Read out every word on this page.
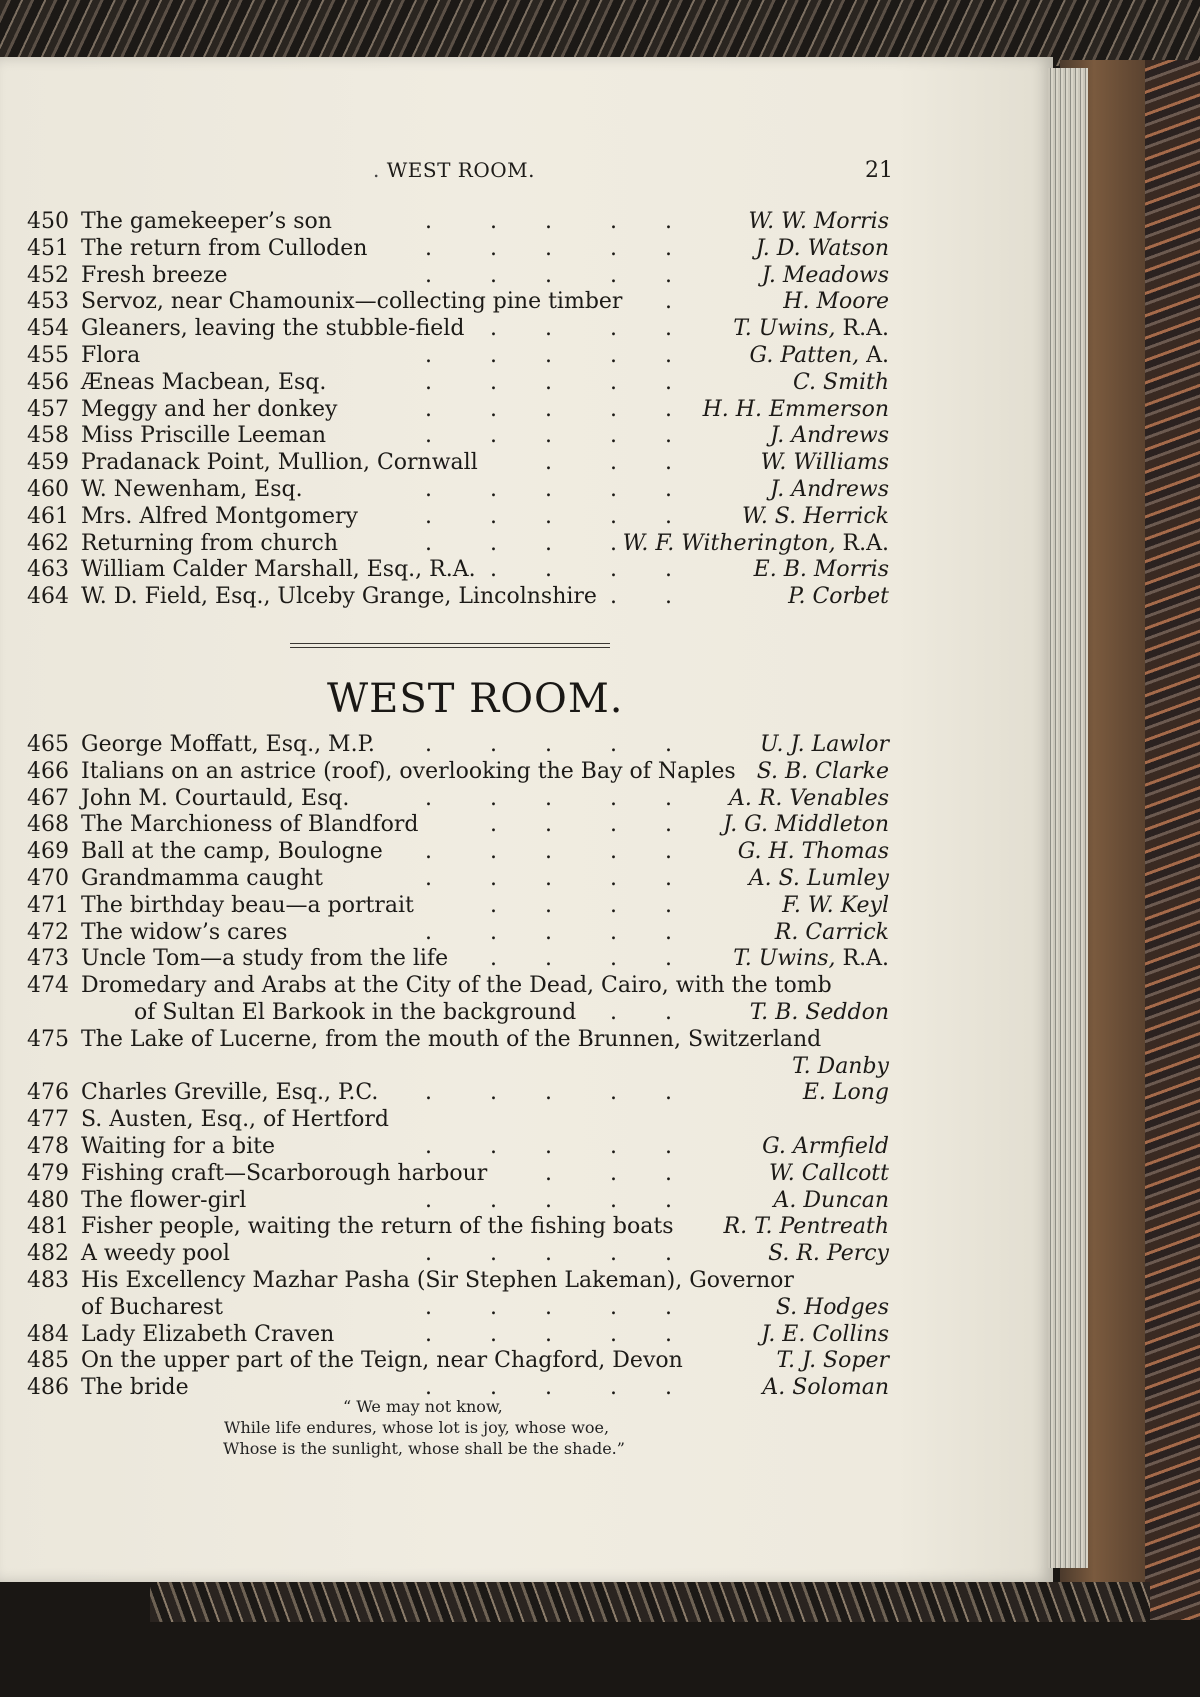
. WEST ROOM.	21
450 The gamekeeper’s son	W. W. Morris
.	. .	. .
451 The return from Culloden	J. D. Watson
.	. .	. .
452 Fresh breeze	J. Meadows
.	. .	. .
453 Servoz, near Chamounix—collecting pine timber	H. Moore
.
454 Gleaners, leaving the stubble-field	T. Uwins, R.A.
. .	. .
455 Flora	G. Patten, A.
.	. .	. .
456 Æneas Macbean, Esq.	C. Smith
.	. .	. .
457 Meggy and her donkey	H. H. Emmerson
.	. .	. .
458 Miss Priscille Leeman	J. Andrews
.	. .	. .
459 Pradanack Point, Mullion, Cornwall	W. Williams
.	. .
460 W. Newenham, Esq.	J. Andrews
.	. .	. .
461 Mrs. Alfred Montgomery	W. S. Herrick
.	. .	. .
462 Returning from church	W. F. Witherington, R.A.
.	. .	.
463 William Calder Marshall, Esq., R.A.	E. B. Morris
. .	. .
464 W. D. Field, Esq., Ulceby Grange, Lincolnshire	P. Corbet
. .
WEST ROOM.
465 George Moffatt, Esq., M.P.	U. J. Lawlor
.	. .	. .
466 Italians on an astrice (roof), overlooking the Bay of Naples S. B. Clarke
467 John M. Courtauld, Esq.	A. R. Venables
.	. .	. .
468 The Marchioness of Blandford	J. G. Middleton
. .	. .
469 Ball at the camp, Boulogne	G. H. Thomas
.	. .	. .
470 Grandmamma caught	A. S. Lumley
.	. .	. .
471 The birthday beau—a portrait	F. W. Keyl
. .	. .
472 The widow’s cares	R. Carrick
.	. .	. .
473 Uncle Tom—a study from the life	T. Uwins, R.A.
. .	. .
474 Dromedary and Arabs at the City of the Dead, Cairo, with the tomb
of Sultan El Barkook in the background	T. B. Seddon
. .
475 The Lake of Lucerne, from the mouth of the Brunnen, Switzerland
T. Danby
476 Charles Greville, Esq., P.C.	E. Long
.	. .	. .
477 S. Austen, Esq., of Hertford
478 Waiting for a bite	G. Armfield
.	. .	. .
479 Fishing craft—Scarborough harbour	W. Callcott
.	. .
480 The flower-girl	A. Duncan
.	. .	. .
481 Fisher people, waiting the return of the fishing boats R. T. Pentreath
482 A weedy pool	S. R. Percy
.	. .	. .
483 His Excellency Mazhar Pasha (Sir Stephen Lakeman), Governor
of Bucharest	S. Hodges
.	. .	. .
484 Lady Elizabeth Craven	J. E. Collins
.	. .	. .
485 On the upper part of the Teign, near Chagford, Devon	T. J. Soper
486 The bride	A. Soloman
.	. .	. .
“ We may not know,
While life endures, whose lot is joy, whose woe,
Whose is the sunlight, whose shall be the shade.”
